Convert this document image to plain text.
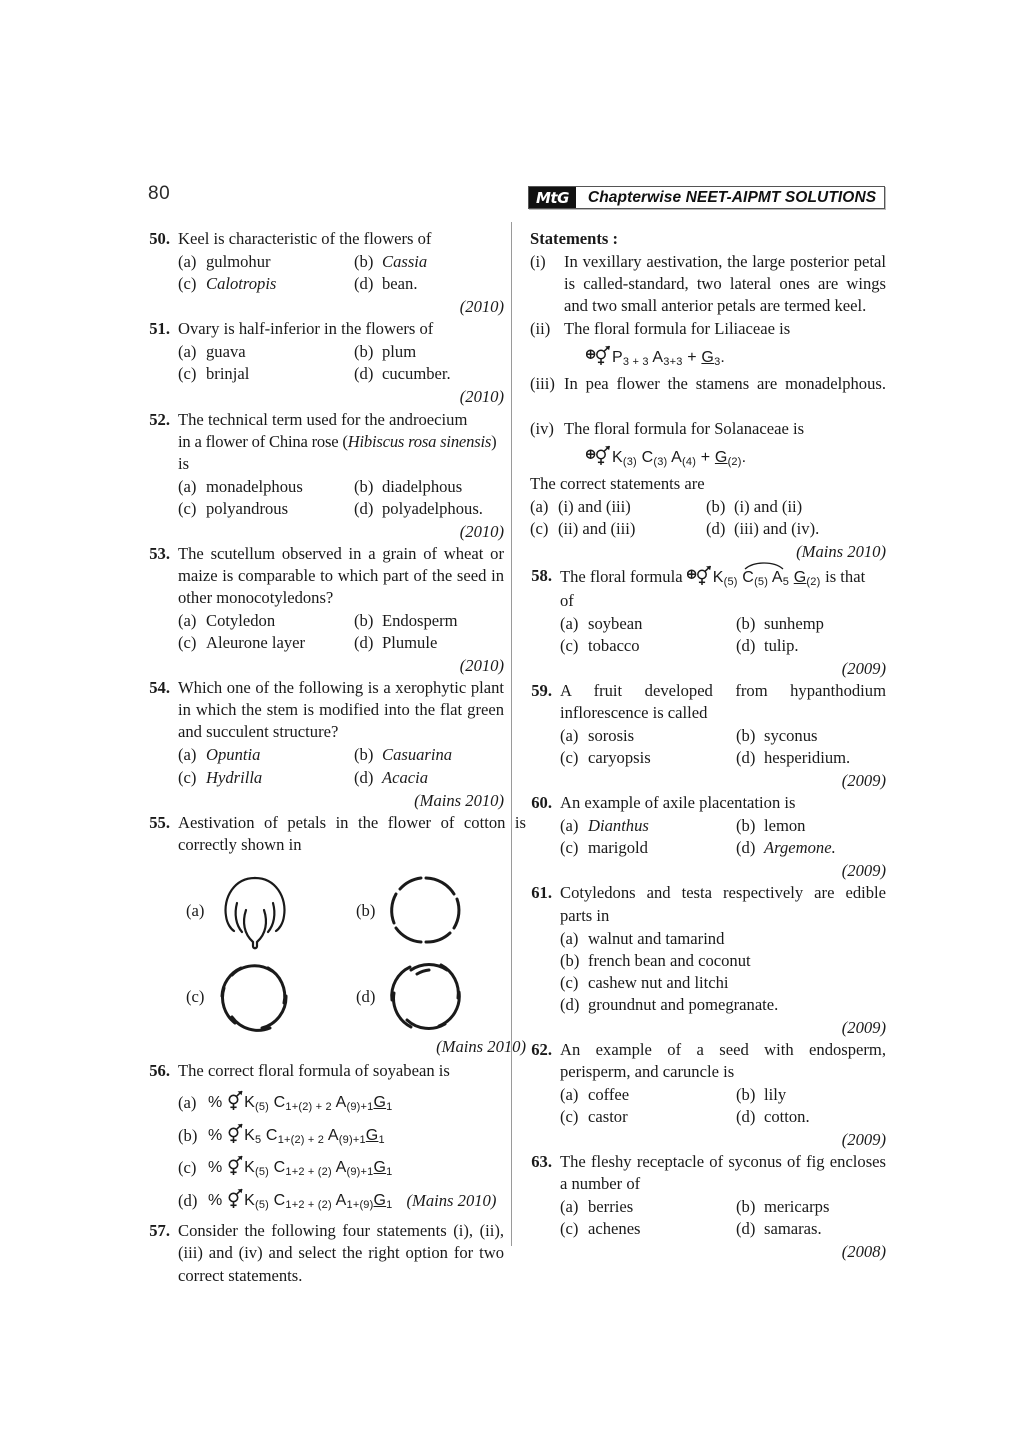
80	MtG	Chapterwise NEET-AIPMT SOLUTIONS
50. Keel is characteristic of the flowers of
(a) gulmohur	(b) Cassia
(c) Calotropis	(d) bean.
(2010)
51. Ovary is half-inferior in the flowers of
(a) guava	(b) plum
(c) brinjal	(d) cucumber.
(2010)
52. The technical term used for the androecium
in a flower of China rose (Hibiscus rosa sinensis)
is
(a) monadelphous	(b) diadelphous
(c) polyandrous	(d) polyadelphous.
(2010)
53. The scutellum observed in a grain of wheat or maize is comparable to which part of the seed in other monocotyledons?
(a) Cotyledon	(b) Endosperm
(c) Aleurone layer	(d) Plumule
(2010)
54. Which one of the following is a xerophytic plant in which the stem is modified into the flat green and succulent structure?
(a) Opuntia	(b) Casuarina
(c) Hydrilla	(d) Acacia
(Mains 2010)
55. Aestivation of petals in the flower of cotton is correctly shown in
(a)	(b)
(c)	(d)
(Mains 2010)
56. The correct floral formula of soyabean is
(a) % $K_{(5)}$ $C_{1+(2) + 2}$ $A_{(9)+1}G_1$
(b) % $K_5$ $C_{1+(2) + 2}$ $A_{(9)+1}G_1$
(c) % $K_{(5)}$ $C_{1+2 + (2)}$ $A_{(9)+1}G_1$
(d) % $K_{(5)}$ $C_{1+2 + (2)}$ $A_{1+(9)}G_1$ (Mains 2010)
57. Consider the following four statements (i), (ii), (iii) and (iv) and select the right option for two correct statements.
Statements :
(i)	In vexillary aestivation, the large posterior petal is called-standard, two lateral ones are wings and two small anterior petals are termed keel.
(ii) The floral formula for Liliaceae is
$P_{3 + 3}$ $A_{3+3} + G_3$.
(iii) In pea flower the stamens are monadelphous.
(iv) The floral formula for Solanaceae is
$K_{(3)}$ $C_{(3)}$ $A_{(4)} + G_{(2)}$.
The correct statements are
(a) (i) and (iii)	(b) (i) and (ii)
(c) (ii) and (iii)	(d) (iii) and (iv).
(Mains 2010)
58. The floral formula $K_{(5)}$ $C_{(5)}$
$A_5$ $G_{(2)}$ is that
of
(a) soybean	(b) sunhemp
(c) tobacco	(d) tulip.
(2009)
59. A fruit developed from hypanthodium inflorescence is called
(a) sorosis	(b) syconus
(c) caryopsis	(d) hesperidium.
(2009)
60. An example of axile placentation is
(a) Dianthus	(b) lemon
(c) marigold	(d) Argemone.
(2009)
61. Cotyledons and testa respectively are edible parts in
(a) walnut and tamarind
(b) french bean and coconut
(c) cashew nut and litchi
(d) groundnut and pomegranate.
(2009)
62. An example of a seed with endosperm, perisperm, and caruncle is
(a) coffee	(b) lily
(c) castor	(d) cotton.
(2009)
63. The fleshy receptacle of syconus of fig encloses a number of
(a) berries	(b) mericarps
(c) achenes	(d) samaras.
(2008)
